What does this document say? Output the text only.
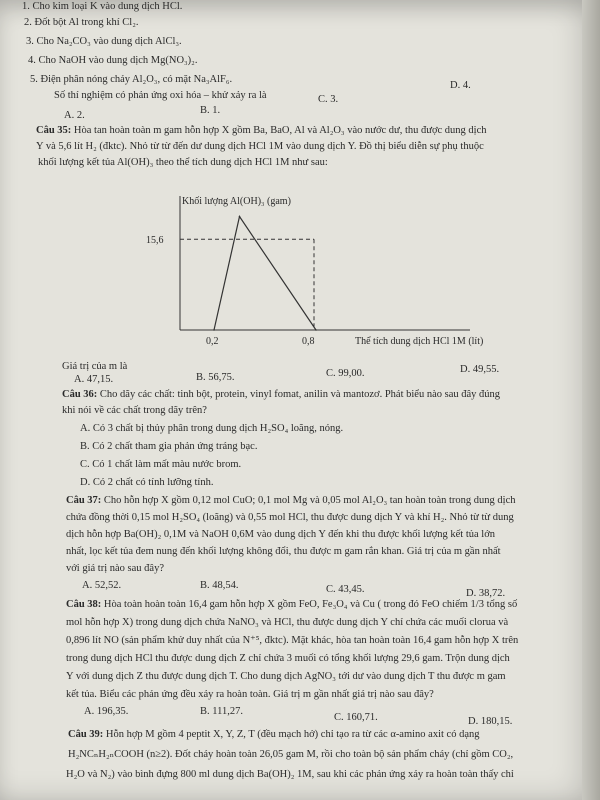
1. Cho kim loại K vào dung dịch HCl.
2. Đốt bột Al trong khí Cl₂.
3. Cho Na₂CO₃ vào dung dịch AlCl₃.
4. Cho NaOH vào dung dịch Mg(NO₃)₂.
5. Điện phân nóng chảy Al₂O₃, có mặt Na₃AlF₆.
Số thí nghiệm có phản ứng oxi hóa – khử xảy ra là
A. 2.	B. 1.
C. 3.
D. 4.
Câu 35: Hòa tan hoàn toàn m gam hỗn hợp X gồm Ba, BaO, Al và Al₂O₃ vào nước dư, thu được dung dịch
Y và 5,6 lít H₂ (đktc). Nhỏ từ từ đến dư dung dịch HCl 1M vào dung dịch Y. Đồ thị biểu diễn sự phụ thuộc
khối lượng kết tủa Al(OH)₃ theo thể tích dung dịch HCl 1M như sau:
Khối lượng Al(OH)₃ (gam)
15,6
0,2	0,8	Thể tích dung dịch HCl 1M (lít)
Giá trị của m là
A. 47,15.	B. 56,75.	C. 99,00.	D. 49,55.
Câu 36: Cho dãy các chất: tinh bột, protein, vinyl fomat, anilin và mantozơ. Phát biểu nào sau đây đúng
khi nói về các chất trong dãy trên?
A. Có 3 chất bị thủy phân trong dung dịch H₂SO₄ loãng, nóng.
B. Có 2 chất tham gia phản ứng tráng bạc.
C. Có 1 chất làm mất màu nước brom.
D. Có 2 chất có tính lưỡng tính.
Câu 37: Cho hỗn hợp X gồm 0,12 mol CuO; 0,1 mol Mg và 0,05 mol Al₂O₃ tan hoàn toàn trong dung dịch
chứa đồng thời 0,15 mol H₂SO₄ (loãng) và 0,55 mol HCl, thu được dung dịch Y và khí H₂. Nhỏ từ từ dung
dịch hỗn hợp Ba(OH)₂ 0,1M và NaOH 0,6M vào dung dịch Y đến khi thu được khối lượng kết tủa lớn
nhất, lọc kết tủa đem nung đến khối lượng không đổi, thu được m gam rắn khan. Giá trị của m gần nhất
với giá trị nào sau đây?
A. 52,52.	B. 48,54.	C. 43,45.	D. 38,72.
Câu 38: Hòa toàn hoàn toàn 16,4 gam hỗn hợp X gồm FeO, Fe₃O₄ và Cu ( trong đó FeO chiếm 1/3 tổng số
mol hỗn hợp X) trong dung dịch chứa NaNO₃ và HCl, thu được dung dịch Y chỉ chứa các muối clorua và
0,896 lít NO (sản phẩm khử duy nhất của N⁺⁵, đktc). Mặt khác, hòa tan hoàn toàn 16,4 gam hỗn hợp X trên
trong dung dịch HCl thu được dung dịch Z chỉ chứa 3 muối có tổng khối lượng 29,6 gam. Trộn dung dịch
Y với dung dịch Z thu được dung dịch T. Cho dung dịch AgNO₃ tới dư vào dung dịch T thu được m gam
kết tủa. Biểu các phản ứng đều xảy ra hoàn toàn. Giá trị m gần nhất giá trị nào sau đây?
A. 196,35.	B. 111,27.
C. 160,71.	D. 180,15.
Câu 39: Hỗn hợp M gồm 4 peptit X, Y, Z, T (đều mạch hở) chỉ tạo ra từ các α-amino axit có dạng
H₂NCₙH₂ₙCOOH (n≥2). Đốt cháy hoàn toàn 26,05 gam M, rồi cho toàn bộ sản phẩm cháy (chỉ gồm CO₂,
H₂O và N₂) vào bình đựng 800 ml dung dịch Ba(OH)₂ 1M, sau khi các phản ứng xảy ra hoàn toàn thấy chỉ
